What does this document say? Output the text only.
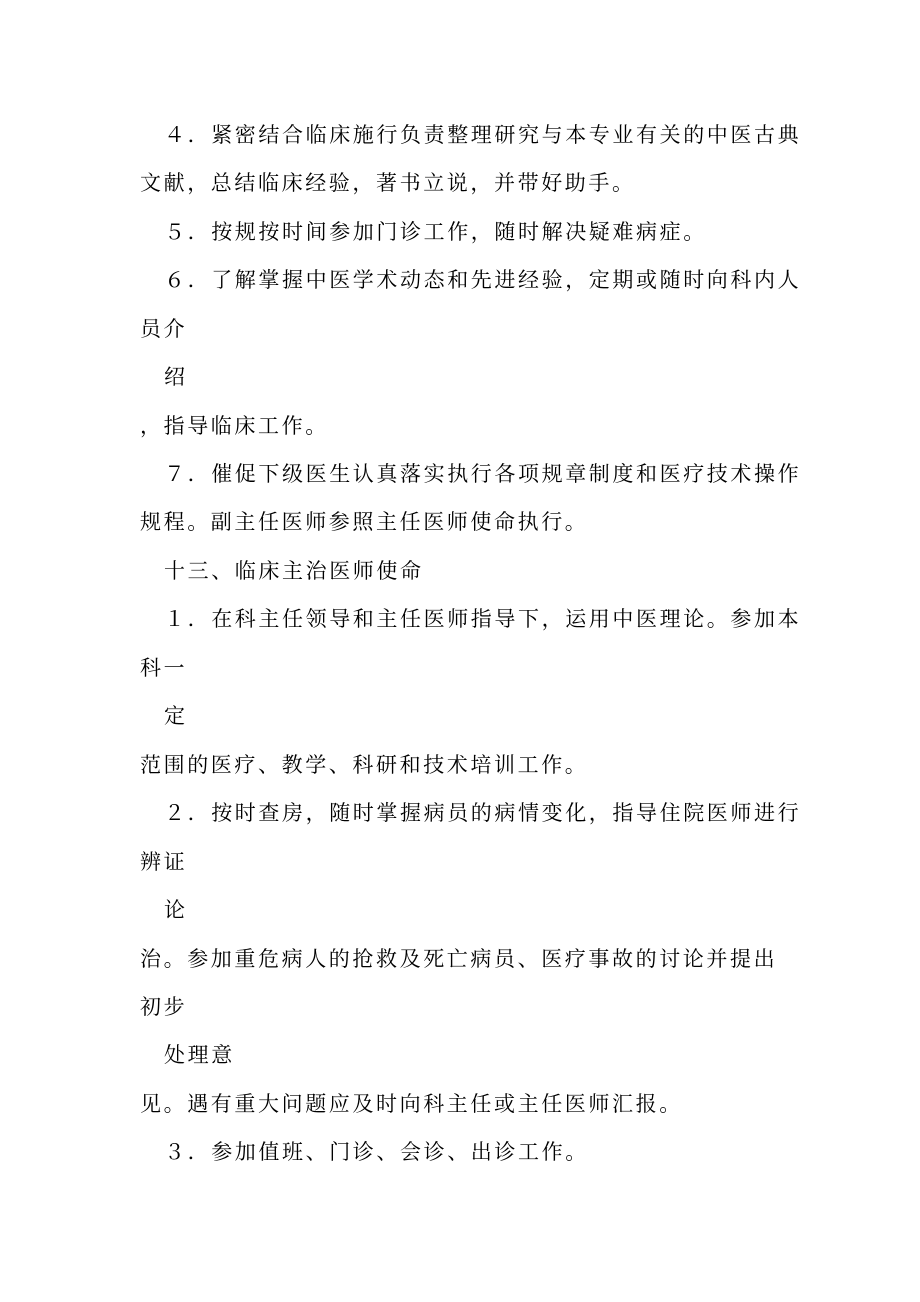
４．紧密结合临床施行负责整理研究与本专业有关的中医古典
文献，总结临床经验，著书立说，并带好助手。
５．按规按时间参加门诊工作，随时解决疑难病症。
６．了解掌握中医学术动态和先进经验，定期或随时向科内人
员介
绍
，指导临床工作。
７．催促下级医生认真落实执行各项规章制度和医疗技术操作
规程。副主任医师参照主任医师使命执行。
十三、临床主治医师使命
１．在科主任领导和主任医师指导下，运用中医理论。参加本
科一
定
范围的医疗、教学、科研和技术培训工作。
２．按时查房，随时掌握病员的病情变化，指导住院医师进行
辨证
论
治。参加重危病人的抢救及死亡病员、医疗事故的讨论并提出
初步
处理意
见。遇有重大问题应及时向科主任或主任医师汇报。
３．参加值班、门诊、会诊、出诊工作。
